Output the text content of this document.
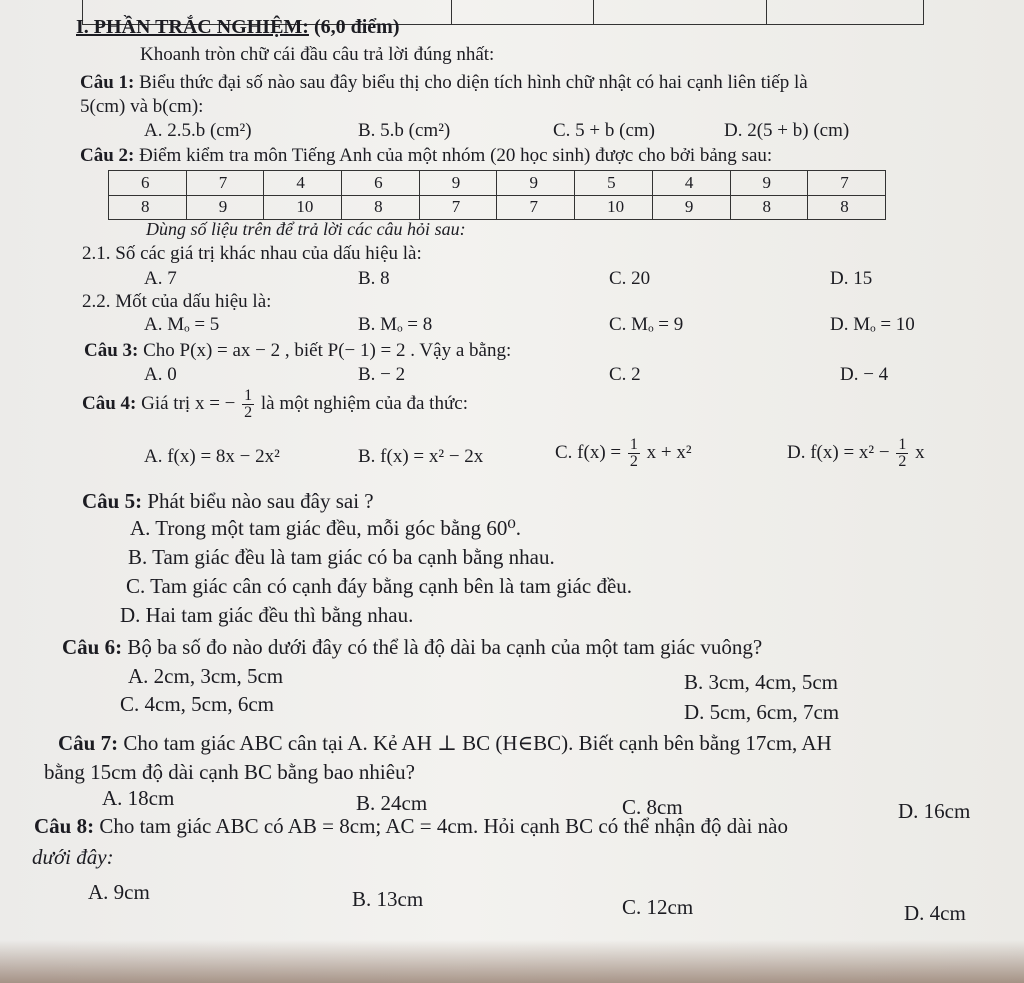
I. PHẦN TRẮC NGHIỆM: (6,0 điểm)
Khoanh tròn chữ cái đầu câu trả lời đúng nhất:
Câu 1: Biểu thức đại số nào sau đây biểu thị cho diện tích hình chữ nhật có hai cạnh liên tiếp là
5(cm) và b(cm):
A. 2.5.b (cm²)	B. 5.b (cm²)	C. 5 + b (cm)	D. 2(5 + b) (cm)
Câu 2: Điểm kiểm tra môn Tiếng Anh của một nhóm (20 học sinh) được cho bởi bảng sau:
6	7	4	6	9	9	5	4	9	7
8	9	10	8	7	7	10	9	8	8
Dùng số liệu trên để trả lời các câu hỏi sau:
2.1. Số các giá trị khác nhau của dấu hiệu là:
A. 7	B. 8	C. 20	D. 15
2.2. Mốt của dấu hiệu là:
A. Mₒ = 5	B. Mₒ = 8	C. Mₒ = 9	D. Mₒ = 10
Câu 3: Cho P(x) = ax − 2 , biết P(− 1) = 2 . Vậy a bằng:
A. 0	B. − 2	C. 2	D. − 4
Câu 4: Giá trị x = − $\frac{1}{2}$ là một nghiệm của đa thức:
A. f(x) = 8x − 2x²	B. f(x) = x² − 2x	C. $f(x) = \frac{1}{2}$ x + x²	D. $f(x) = x^2 - \frac{1}{2}$ x
Câu 5: Phát biểu nào sau đây sai ?
A. Trong một tam giác đều, mỗi góc bằng 60⁰.
B. Tam giác đều là tam giác có ba cạnh bằng nhau.
C. Tam giác cân có cạnh đáy bằng cạnh bên là tam giác đều.
D. Hai tam giác đều thì bằng nhau.
Câu 6: Bộ ba số đo nào dưới đây có thể là độ dài ba cạnh của một tam giác vuông?
A. 2cm, 3cm, 5cm	B. 3cm, 4cm, 5cm
C. 4cm, 5cm, 6cm	D. 5cm, 6cm, 7cm
Câu 7: Cho tam giác ABC cân tại A. Kẻ AH ⊥ BC (H∈BC). Biết cạnh bên bằng 17cm, AH
bằng 15cm độ dài cạnh BC bằng bao nhiêu?
A. 18cm	B. 24cm	C. 8cm	D. 16cm
Câu 8: Cho tam giác ABC có AB = 8cm; AC = 4cm. Hỏi cạnh BC có thể nhận độ dài nào
dưới đây:
A. 9cm	B. 13cm	C. 12cm	D. 4cm
